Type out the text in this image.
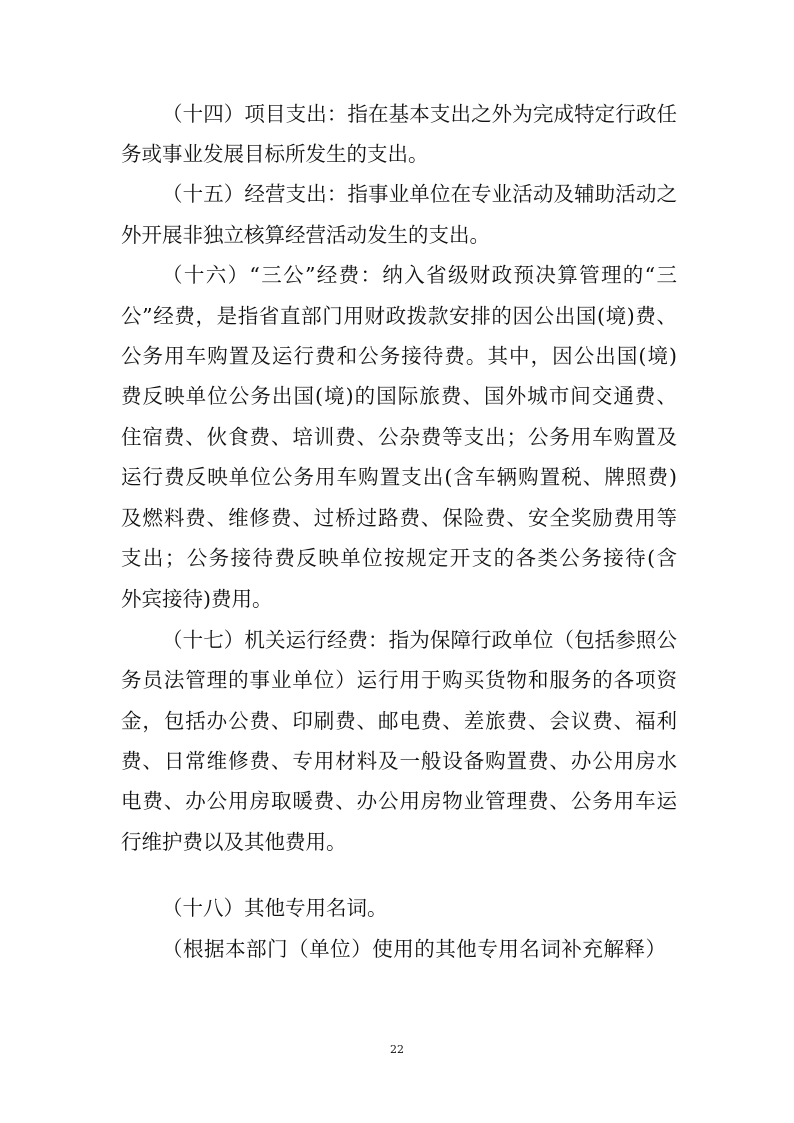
（十四）项目支出：指在基本支出之外为完成特定行政任
务或事业发展目标所发生的支出。
（十五）经营支出：指事业单位在专业活动及辅助活动之
外开展非独立核算经营活动发生的支出。
（十六）“三公”经费：纳入省级财政预决算管理的“三
公”经费，是指省直部门用财政拨款安排的因公出国(境)费、
公务用车购置及运行费和公务接待费。其中，因公出国(境)
费反映单位公务出国(境)的国际旅费、国外城市间交通费、
住宿费、伙食费、培训费、公杂费等支出；公务用车购置及
运行费反映单位公务用车购置支出(含车辆购置税、牌照费)
及燃料费、维修费、过桥过路费、保险费、安全奖励费用等
支出；公务接待费反映单位按规定开支的各类公务接待(含
外宾接待)费用。
（十七）机关运行经费：指为保障行政单位（包括参照公
务员法管理的事业单位）运行用于购买货物和服务的各项资
金，包括办公费、印刷费、邮电费、差旅费、会议费、福利
费、日常维修费、专用材料及一般设备购置费、办公用房水
电费、办公用房取暖费、办公用房物业管理费、公务用车运
行维护费以及其他费用。
（十八）其他专用名词。
（根据本部门（单位）使用的其他专用名词补充解释）
22
